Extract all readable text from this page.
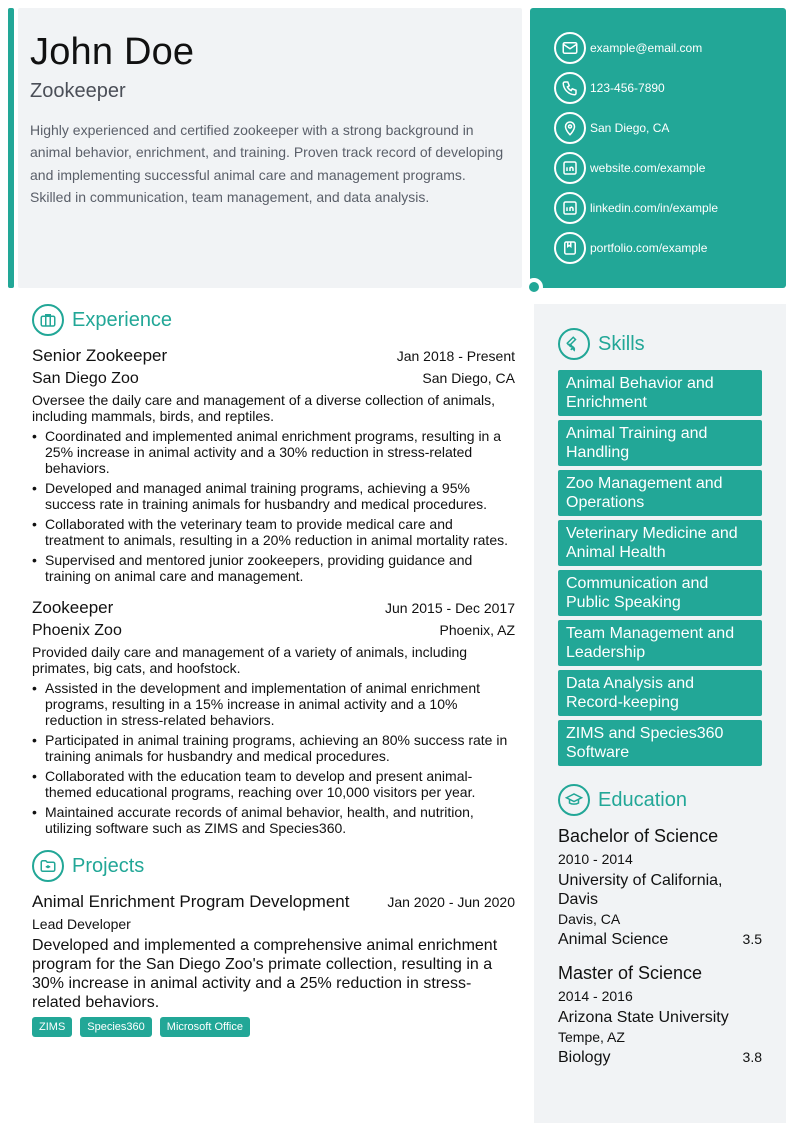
John Doe
Zookeeper
Highly experienced and certified zookeeper with a strong background in animal behavior, enrichment, and training. Proven track record of developing and implementing successful animal care and management programs. Skilled in communication, team management, and data analysis.
example@email.com
123-456-7890
San Diego, CA
website.com/example
linkedin.com/in/example
portfolio.com/example
Experience
Senior Zookeeper	Jan 2018 - Present
San Diego Zoo	San Diego, CA
Oversee the daily care and management of a diverse collection of animals, including mammals, birds, and reptiles.
• Coordinated and implemented animal enrichment programs, resulting in a 25% increase in animal activity and a 30% reduction in stress-related behaviors.
• Developed and managed animal training programs, achieving a 95% success rate in training animals for husbandry and medical procedures.
• Collaborated with the veterinary team to provide medical care and treatment to animals, resulting in a 20% reduction in animal mortality rates.
• Supervised and mentored junior zookeepers, providing guidance and training on animal care and management.
Zookeeper	Jun 2015 - Dec 2017
Phoenix Zoo	Phoenix, AZ
Provided daily care and management of a variety of animals, including primates, big cats, and hoofstock.
• Assisted in the development and implementation of animal enrichment programs, resulting in a 15% increase in animal activity and a 10% reduction in stress-related behaviors.
• Participated in animal training programs, achieving an 80% success rate in training animals for husbandry and medical procedures.
• Collaborated with the education team to develop and present animal-themed educational programs, reaching over 10,000 visitors per year.
• Maintained accurate records of animal behavior, health, and nutrition, utilizing software such as ZIMS and Species360.
Projects
Animal Enrichment Program Development	Jan 2020 - Jun 2020
Lead Developer
Developed and implemented a comprehensive animal enrichment program for the San Diego Zoo's primate collection, resulting in a 30% increase in animal activity and a 25% reduction in stress-related behaviors.
ZIMS	Species360	Microsoft Office
Skills
Animal Behavior and Enrichment
Animal Training and Handling
Zoo Management and Operations
Veterinary Medicine and Animal Health
Communication and Public Speaking
Team Management and Leadership
Data Analysis and Record-keeping
ZIMS and Species360 Software
Education
Bachelor of Science
2010 - 2014
University of California, Davis
Davis, CA
Animal Science	3.5
Master of Science
2014 - 2016
Arizona State University
Tempe, AZ
Biology	3.8
